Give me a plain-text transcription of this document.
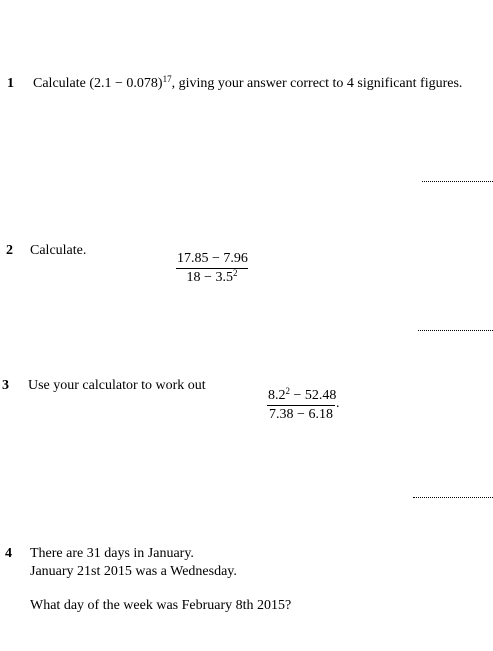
1 Calculate $(2.1 - 0.078)^{17}$, giving your answer correct to 4 significant figures.
2 Calculate.
$\frac{17.85 - 7.96}{18 - 3.5^2}$
3 Use your calculator to work out
$\frac{8.2^2 - 52.48}{7.38 - 6.18}$ .
4 There are 31 days in January.
January 21st 2015 was a Wednesday.
What day of the week was February 8th 2015?
